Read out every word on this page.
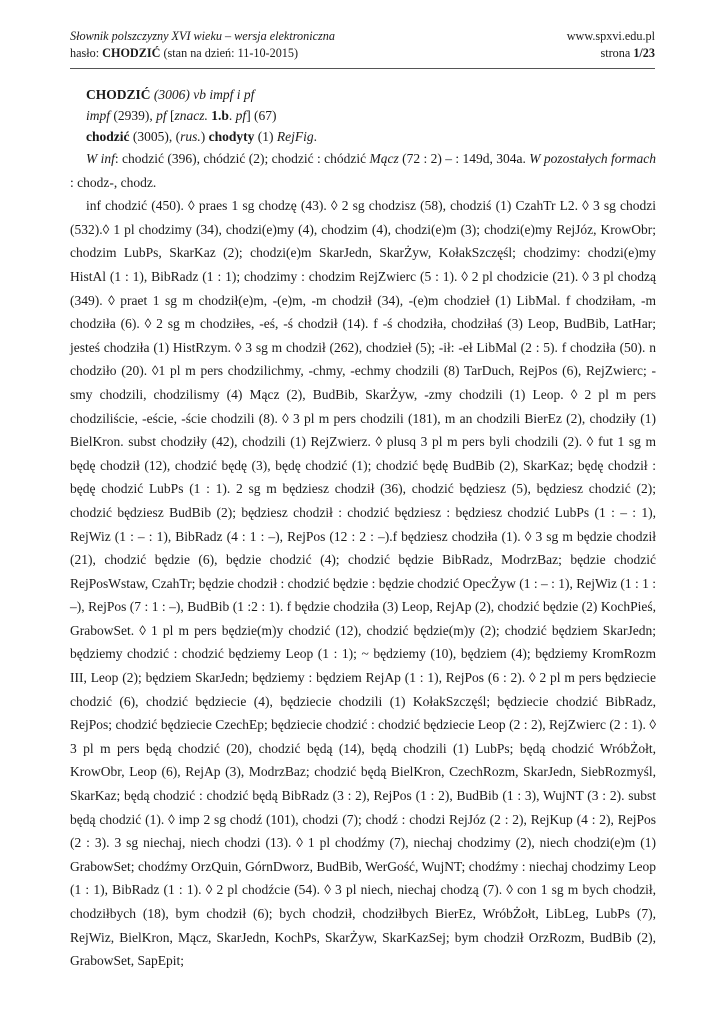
Słownik polszczyzny XVI wieku – wersja elektroniczna	www.spxvi.edu.pl
hasło: CHODZIĆ (stan na dzień: 11-10-2015)	strona 1/23

CHODZIĆ (3006) vb impf i pf

impf (2939), pf [znacz. 1.b. pf] (67)

chodzić (3005), (rus.) chodyty (1) RejFig.

W inf: chodzić (396), chódzić (2); chodzić : chódzić Mącz (72 : 2) – : 149d, 304a. W pozostałych formach : chodz-, chodz.

inf chodzić (450). ◊ praes 1 sg chodzę (43). ◊ 2 sg chodzisz (58), chodziś (1) CzahTr L2. ◊ 3 sg chodzi (532).◊ 1 pl chodzimy (34), chodzi(e)my (4), chodzim (4), chodzi(e)m (3); chodzi(e)my RejJóz, KrowObr; chodzim LubPs, SkarKaz (2); chodzi(e)m SkarJedn, SkarŻyw, KołakSzczęśl; chodzimy: chodzi(e)my HistAl (1 : 1), BibRadz (1 : 1); chodzimy : chodzim RejZwierc (5 : 1). ◊ 2 pl chodzicie (21). ◊ 3 pl chodzą (349). ◊ praet 1 sg m chodził(e)m, -(e)m, -m chodził (34), -(e)m chodzieł (1) LibMal. f chodziłam, -m chodziła (6). ◊ 2 sg m chodziłes, -eś, -ś chodził (14). f -ś chodziła, chodziłaś (3) Leop, BudBib, LatHar; jesteś chodziła (1) HistRzym. ◊ 3 sg m chodził (262), chodzieł (5); -ił: -eł LibMal (2 : 5). f chodziła (50). n chodziło (20). ◊1 pl m pers chodzilichmy, -chmy, -echmy chodzili (8) TarDuch, RejPos (6), RejZwierc; -smy chodzili, chodzilismy (4) Mącz (2), BudBib, SkarŻyw, -zmy chodzili (1) Leop. ◊ 2 pl m pers chodziliście, -eście, -ście chodzili (8). ◊ 3 pl m pers chodzili (181), m an chodzili BierEz (2), chodziły (1) BielKron. subst chodziły (42), chodzili (1) RejZwierz. ◊ plusq 3 pl m pers byli chodzili (2). ◊ fut 1 sg m będę chodził (12), chodzić będę (3), będę chodzić (1); chodzić będę BudBib (2), SkarKaz; będę chodził : będę chodzić LubPs (1 : 1). 2 sg m będziesz chodził (36), chodzić będziesz (5), będziesz chodzić (2); chodzić będziesz BudBib (2); będziesz chodził : chodzić będziesz : będziesz chodzić LubPs (1 : – : 1), RejWiz (1 : – : 1), BibRadz (4 : 1 : –), RejPos (12 : 2 : –).f będziesz chodziła (1). ◊ 3 sg m będzie chodził (21), chodzić będzie (6), będzie chodzić (4); chodzić będzie BibRadz, ModrzBaz; będzie chodzić RejPosWstaw, CzahTr; będzie chodził : chodzić będzie : będzie chodzić OpecŻyw (1 : – : 1), RejWiz (1 : 1 : –), RejPos (7 : 1 : –), BudBib (1 :2 : 1). f będzie chodziła (3) Leop, RejAp (2), chodzić będzie (2) KochPieś, GrabowSet. ◊ 1 pl m pers będzie(m)y chodzić (12), chodzić będzie(m)y (2); chodzić będziem SkarJedn; będziemy chodzić : chodzić będziemy Leop (1 : 1); ~ będziemy (10), będziem (4); będziemy KromRozm III, Leop (2); będziem SkarJedn; będziemy : będziem RejAp (1 : 1), RejPos (6 : 2). ◊ 2 pl m pers będziecie chodzić (6), chodzić będziecie (4), będziecie chodzili (1) KołakSzczęśl; będziecie chodzić BibRadz, RejPos; chodzić będziecie CzechEp; będziecie chodzić : chodzić będziecie Leop (2 : 2), RejZwierc (2 : 1). ◊ 3 pl m pers będą chodzić (20), chodzić będą (14), będą chodzili (1) LubPs; będą chodzić WróbŻołt, KrowObr, Leop (6), RejAp (3), ModrzBaz; chodzić będą BielKron, CzechRozm, SkarJedn, SiebRozmyśl, SkarKaz; będą chodzić : chodzić będą BibRadz (3 : 2), RejPos (1 : 2), BudBib (1 : 3), WujNT (3 : 2). subst będą chodzić (1). ◊ imp 2 sg chodź (101), chodzi (7); chodź : chodzi RejJóz (2 : 2), RejKup (4 : 2), RejPos (2 : 3). 3 sg niechaj, niech chodzi (13). ◊ 1 pl chodźmy (7), niechaj chodzimy (2), niech chodzi(e)m (1) GrabowSet; chodźmy OrzQuin, GórnDworz, BudBib, WerGość, WujNT; chodźmy : niechaj chodzimy Leop (1 : 1), BibRadz (1 : 1). ◊ 2 pl chodźcie (54). ◊ 3 pl niech, niechaj chodzą (7). ◊ con 1 sg m bych chodził, chodziłbych (18), bym chodził (6); bych chodził, chodziłbych BierEz, WróbŻołt, LibLeg, LubPs (7), RejWiz, BielKron, Mącz, SkarJedn, KochPs, SkarŻyw, SkarKazSej; bym chodził OrzRozm, BudBib (2), GrabowSet, SapEpit;
